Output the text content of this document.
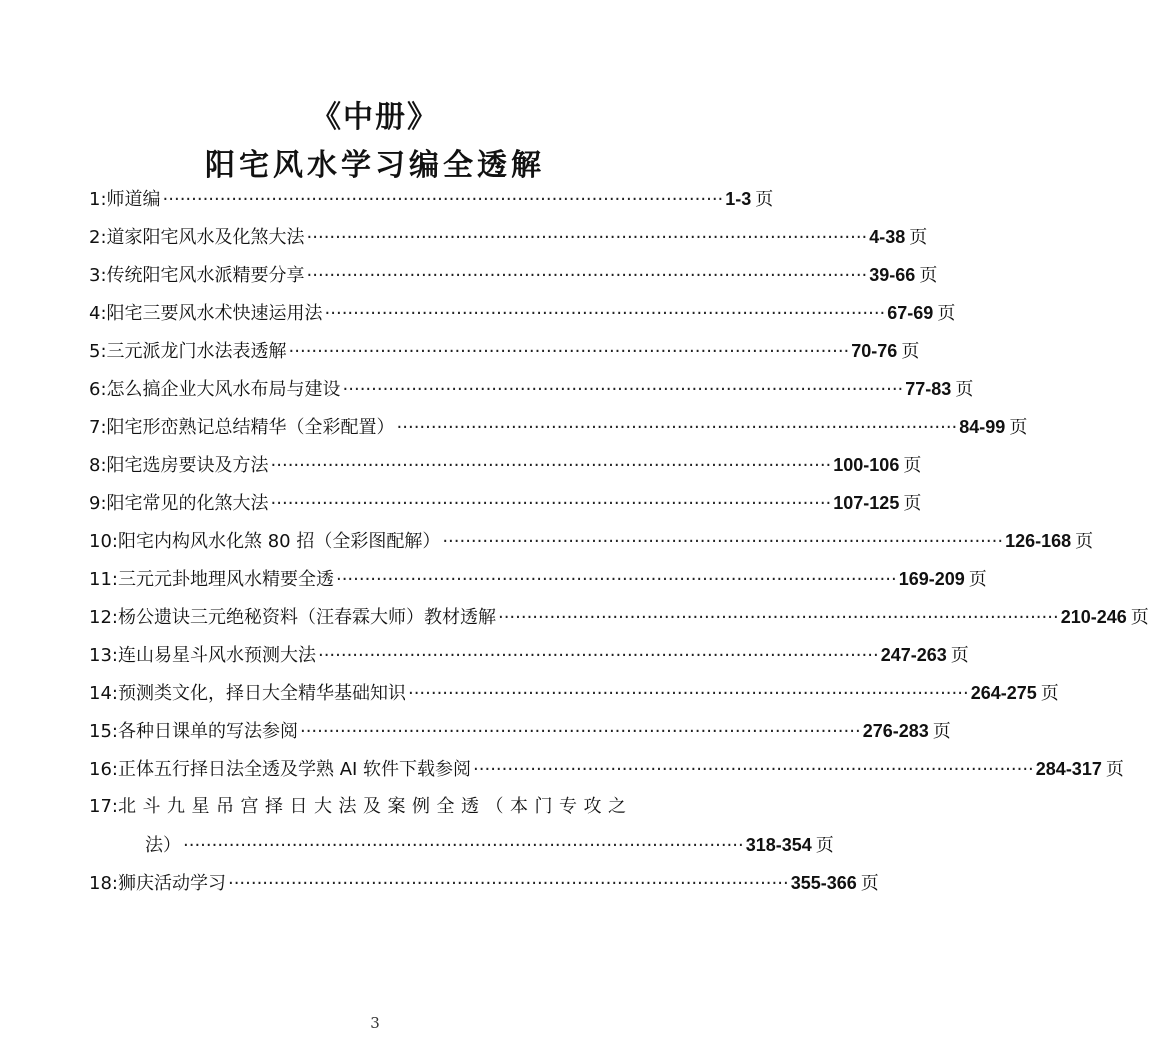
《中册》
阳宅风水学习编全透解
1: 师道编 ·································································································· 1-3 页
2: 道家阳宅风水及化煞大法 ·································································································· 4-38 页
3: 传统阳宅风水派精要分享 ·································································································· 39-66 页
4: 阳宅三要风水术快速运用法 ·································································································· 67-69 页
5: 三元派龙门水法表透解 ·································································································· 70-76 页
6: 怎么搞企业大风水布局与建设 ·································································································· 77-83 页
7: 阳宅形峦熟记总结精华（全彩配置） ·································································································· 84-99 页
8: 阳宅选房要诀及方法 ·································································································· 100-106 页
9: 阳宅常见的化煞大法 ·································································································· 107-125 页
10: 阳宅内构风水化煞 80 招（全彩图配解） ·································································································· 126-168 页
11: 三元元卦地理风水精要全透 ·································································································· 169-209 页
12: 杨公遗诀三元绝秘资料（汪春霖大师）教材透解 ·································································································· 210-246 页
13: 连山易星斗风水预测大法 ·································································································· 247-263 页
14: 预测类文化，择日大全精华基础知识 ·································································································· 264-275 页
15: 各种日课单的写法参阅 ·································································································· 276-283 页
16: 正体五行择日法全透及学熟 AI 软件下载参阅 ·································································································· 284-317 页
17: 北斗九星吊宫择日大法及案例全透（本门专攻之
法） ·································································································· 318-354 页
18: 狮庆活动学习 ·································································································· 355-366 页
3
